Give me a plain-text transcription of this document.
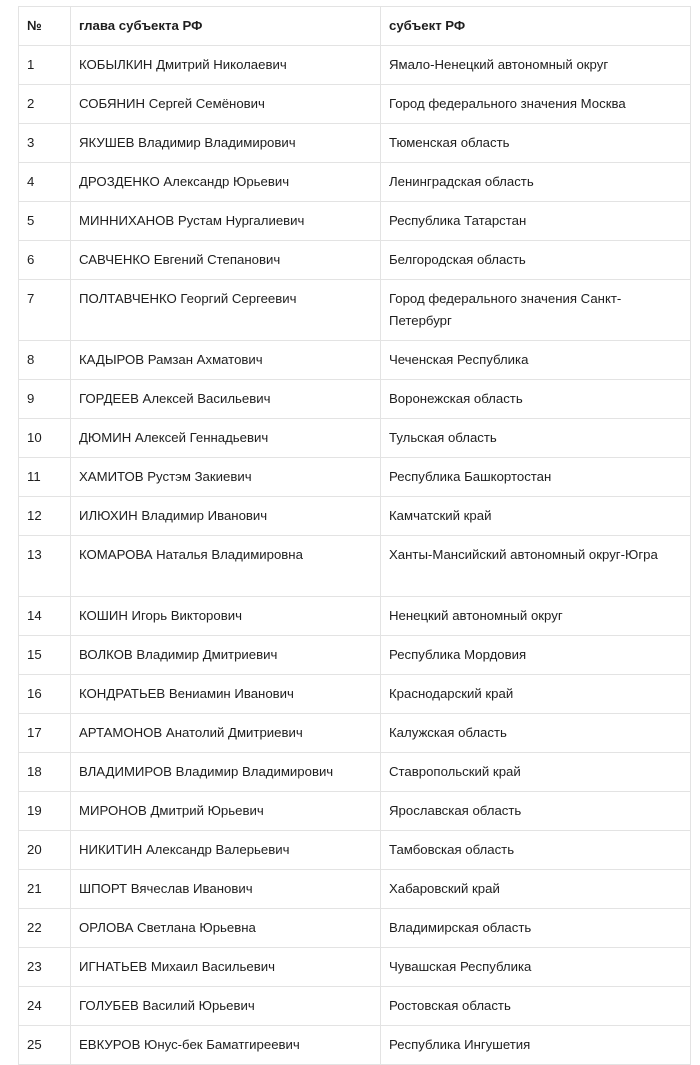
№	глава субъекта РФ	субъект РФ
1	КОБЫЛКИН Дмитрий Николаевич	Ямало-Ненецкий автономный округ
2	СОБЯНИН Сергей Семёнович	Город федерального значения Москва
3	ЯКУШЕВ Владимир Владимирович	Тюменская область
4	ДРОЗДЕНКО Александр Юрьевич	Ленинградская область
5	МИННИХАНОВ Рустам Нургалиевич	Республика Татарстан
6	САВЧЕНКО Евгений Степанович	Белгородская область
7	ПОЛТАВЧЕНКО Георгий Сергеевич	Город федерального значения Санкт-Петербург
8	КАДЫРОВ Рамзан Ахматович	Чеченская Республика
9	ГОРДЕЕВ Алексей Васильевич	Воронежская область
10	ДЮМИН Алексей Геннадьевич	Тульская область
11	ХАМИТОВ Рустэм Закиевич	Республика Башкортостан
12	ИЛЮХИН Владимир Иванович	Камчатский край
13	КОМАРОВА Наталья Владимировна	Ханты-Мансийский автономный округ-Югра
14	КОШИН Игорь Викторович	Ненецкий автономный округ
15	ВОЛКОВ Владимир Дмитриевич	Республика Мордовия
16	КОНДРАТЬЕВ Вениамин Иванович	Краснодарский край
17	АРТАМОНОВ Анатолий Дмитриевич	Калужская область
18	ВЛАДИМИРОВ Владимир Владимирович	Ставропольский край
19	МИРОНОВ Дмитрий Юрьевич	Ярославская область
20	НИКИТИН Александр Валерьевич	Тамбовская область
21	ШПОРТ Вячеслав Иванович	Хабаровский край
22	ОРЛОВА Светлана Юрьевна	Владимирская область
23	ИГНАТЬЕВ Михаил Васильевич	Чувашская Республика
24	ГОЛУБЕВ Василий Юрьевич	Ростовская область
25	ЕВКУРОВ Юнус-бек Баматгиреевич	Республика Ингушетия
